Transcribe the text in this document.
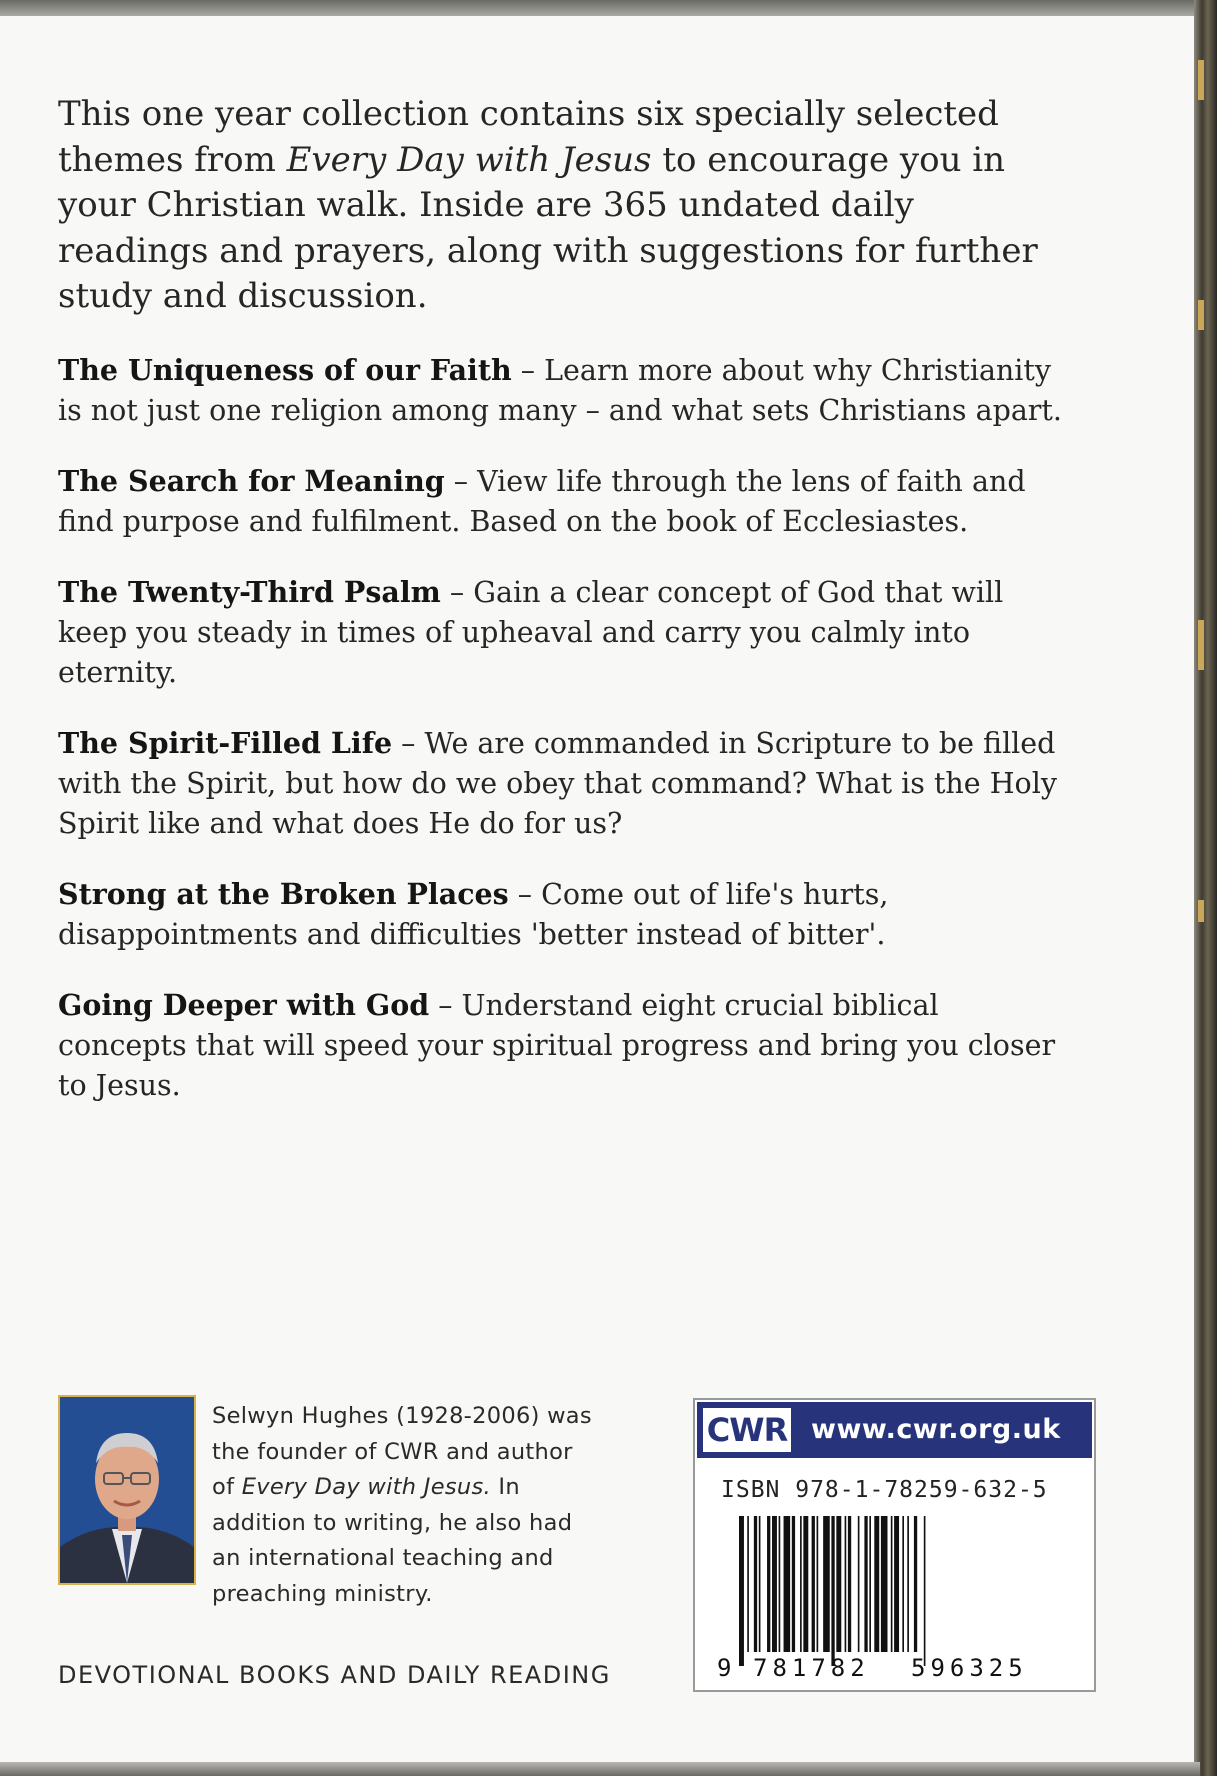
This one year collection contains six specially selected themes from Every Day with Jesus to encourage you in your Christian walk. Inside are 365 undated daily readings and prayers, along with suggestions for further study and discussion.

The Uniqueness of our Faith – Learn more about why Christianity is not just one religion among many – and what sets Christians apart.

The Search for Meaning – View life through the lens of faith and find purpose and fulfilment. Based on the book of Ecclesiastes.

The Twenty-Third Psalm – Gain a clear concept of God that will keep you steady in times of upheaval and carry you calmly into eternity.

The Spirit-Filled Life – We are commanded in Scripture to be filled with the Spirit, but how do we obey that command? What is the Holy Spirit like and what does He do for us?

Strong at the Broken Places – Come out of life's hurts, disappointments and difficulties 'better instead of bitter'.

Going Deeper with God – Understand eight crucial biblical concepts that will speed your spiritual progress and bring you closer to Jesus.

Selwyn Hughes (1928-2006) was the founder of CWR and author of Every Day with Jesus. In addition to writing, he also had an international teaching and preaching ministry.

DEVOTIONAL BOOKS AND DAILY READING

CWR www.cwr.org.uk

ISBN 978-1-78259-632-5

9 781782 596325
